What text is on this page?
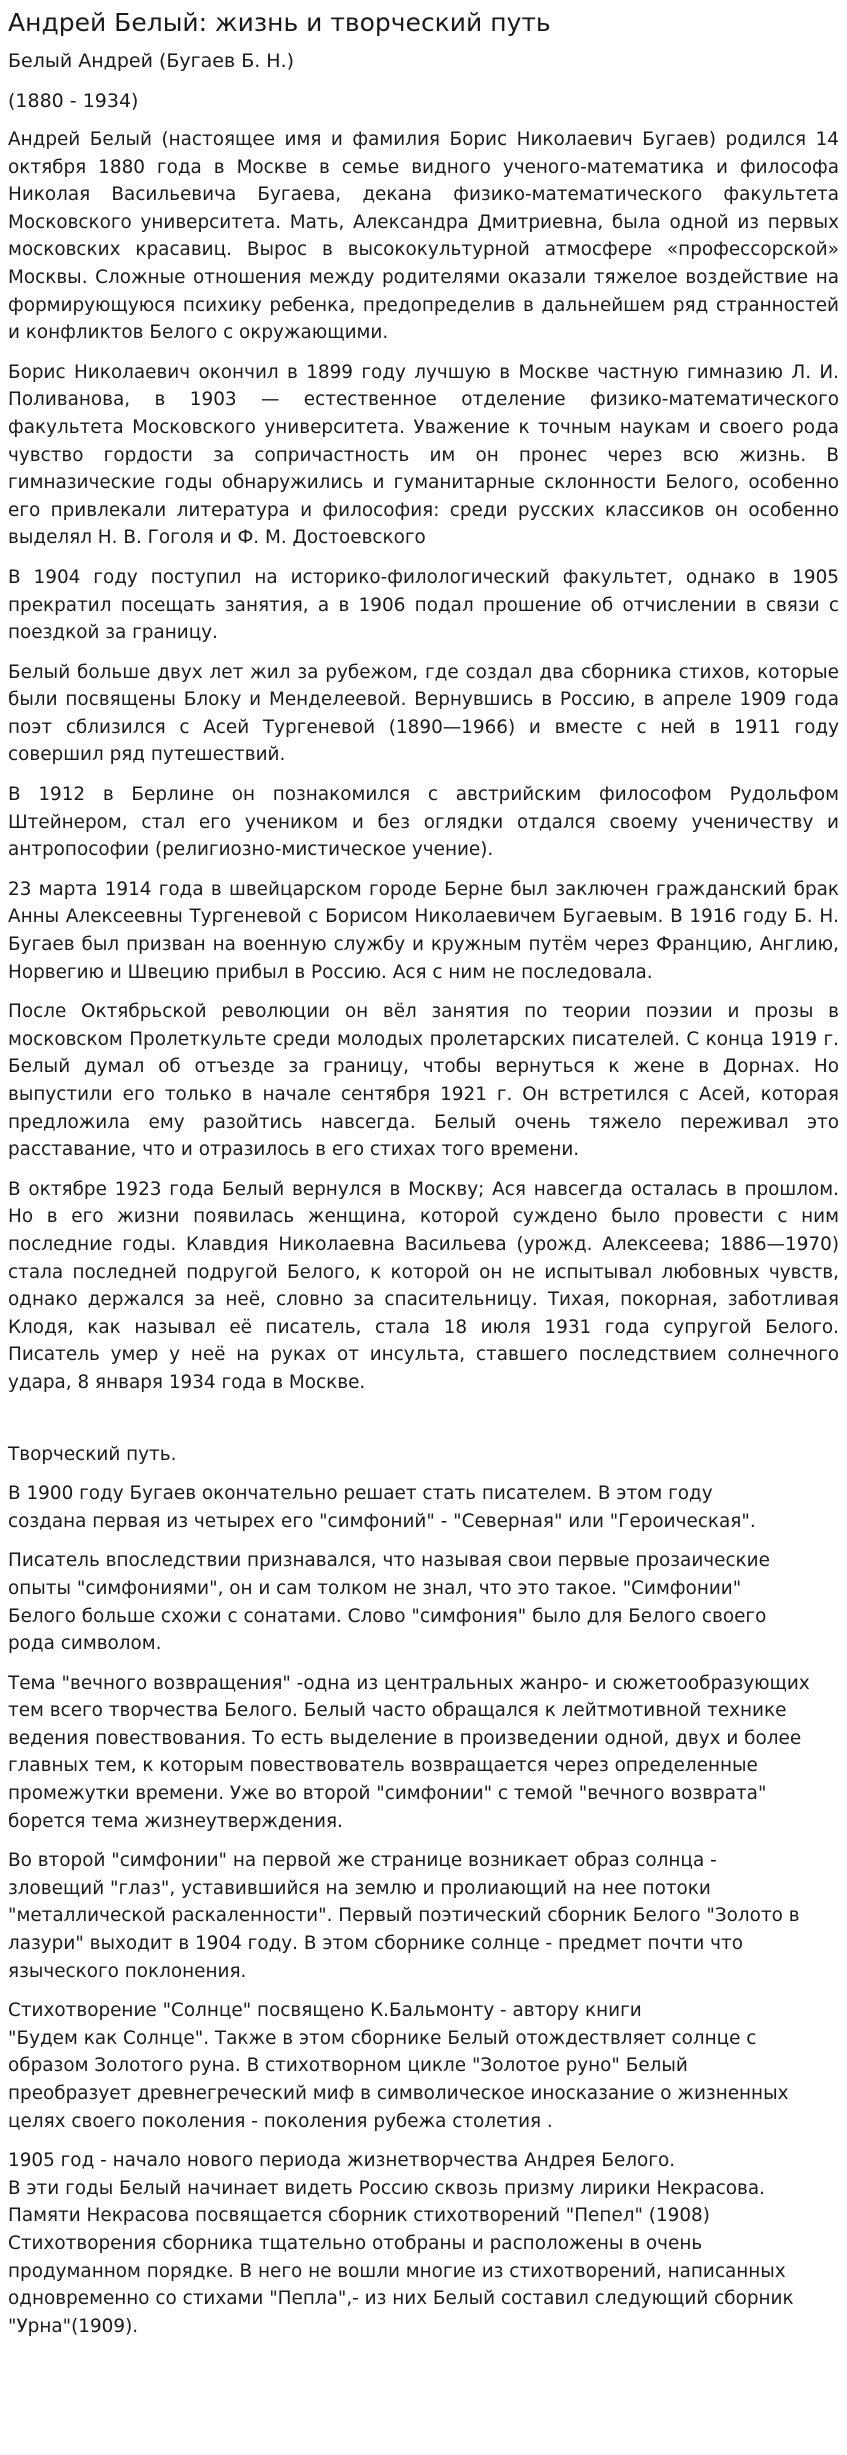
Андрей Белый: жизнь и творческий путь
Белый Андрей (Бугаев Б. Н.)
(1880 - 1934)

Андрей Белый (настоящее имя и фамилия Борис Николаевич Бугаев) родился 14 октября 1880 года в Москве в семье видного ученого-математика и философа Николая Васильевича Бугаева, декана физико-математического факультета Московского университета. Мать, Александра Дмитриевна, была одной из первых московских красавиц. Вырос в высококультурной атмосфере «профессорской» Москвы. Сложные отношения между родителями оказали тяжелое воздействие на формирующуюся психику ребенка, предопределив в дальнейшем ряд странностей и конфликтов Белого с окружающими.

Борис Николаевич окончил в 1899 году лучшую в Москве частную гимназию Л. И. Поливанова, в 1903 — естественное отделение физико-математического факультета Московского университета. Уважение к точным наукам и своего рода чувство гордости за сопричастность им он пронес через всю жизнь. В гимназические годы обнаружились и гуманитарные склонности Белого, особенно его привлекали литература и философия: среди русских классиков он особенно выделял Н. В. Гоголя и Ф. М. Достоевского

В 1904 году поступил на историко-филологический факультет, однако в 1905 прекратил посещать занятия, а в 1906 подал прошение об отчислении в связи с поездкой за границу.

Белый больше двух лет жил за рубежом, где создал два сборника стихов, которые были посвящены Блоку и Менделеевой. Вернувшись в Россию, в апреле 1909 года поэт сблизился с Асей Тургеневой (1890—1966) и вместе с ней в 1911 году совершил ряд путешествий.

В 1912 в Берлине он познакомился с австрийским философом Рудольфом Штейнером, стал его учеником и без оглядки отдался своему ученичеству и антропософии (религиозно-мистическое учение).

23 марта 1914 года в швейцарском городе Берне был заключен гражданский брак Анны Алексеевны Тургеневой с Борисом Николаевичем Бугаевым. В 1916 году Б. Н. Бугаев был призван на военную службу и кружным путём через Францию, Англию, Норвегию и Швецию прибыл в Россию. Ася с ним не последовала.

После Октябрьской революции он вёл занятия по теории поэзии и прозы в московском Пролеткульте среди молодых пролетарских писателей. С конца 1919 г. Белый думал об отъезде за границу, чтобы вернуться к жене в Дорнах. Но выпустили его только в начале сентября 1921 г. Он встретился с Асей, которая предложила ему разойтись навсегда. Белый очень тяжело переживал это расставание, что и отразилось в его стихах того времени.

В октябре 1923 года Белый вернулся в Москву; Ася навсегда осталась в прошлом. Но в его жизни появилась женщина, которой суждено было провести с ним последние годы. Клавдия Николаевна Васильева (урожд. Алексеева; 1886—1970) стала последней подругой Белого, к которой он не испытывал любовных чувств, однако держался за неё, словно за спасительницу. Тихая, покорная, заботливая Клодя, как называл её писатель, стала 18 июля 1931 года супругой Белого. Писатель умер у неё на руках от инсульта, ставшего последствием солнечного удара, 8 января 1934 года в Москве.

Творческий путь.

В 1900 году Бугаев окончательно решает стать писателем. В этом году
создана первая из четырех его "симфоний" - "Северная" или "Героическая".

Писатель впоследствии признавался, что называя свои первые прозаические
опыты "симфониями", он и сам толком не знал, что это такое. "Симфонии"
Белого больше схожи с сонатами. Слово "симфония" было для Белого своего
рода символом.

Тема "вечного возвращения" -одна из центральных жанро- и сюжетообразующих
тем всего творчества Белого. Белый часто обращался к лейтмотивной технике
ведения повествования. То есть выделение в произведении одной, двух и более
главных тем, к которым повествователь возвращается через определенные
промежутки времени. Уже во второй "симфонии" с темой "вечного возврата"
борется тема жизнеутверждения.

Во второй "симфонии" на первой же странице возникает образ солнца -
зловещий "глаз", уставившийся на землю и пролиающий на нее потоки
"металлической раскаленности". Первый поэтический сборник Белого "Золото в
лазури" выходит в 1904 году. В этом сборнике солнце - предмет почти что
языческого поклонения.

Стихотворение "Солнце" посвящено К.Бальмонту - автору книги
"Будем как Солнце". Также в этом сборнике Белый отождествляет солнце с
образом Золотого руна. В стихотворном цикле "Золотое руно" Белый
преобразует древнегреческий миф в символическое иносказание о жизненных
целях своего поколения - поколения рубежа столетия .

1905 год - начало нового периода жизнетворчества Андрея Белого.
В эти годы Белый начинает видеть Россию сквозь призму лирики Некрасова.
Памяти Некрасова посвящается сборник стихотворений "Пепел" (1908)
Стихотворения сборника тщательно отобраны и расположены в очень
продуманном порядке. В него не вошли многие из стихотворений, написанных
одновременно со стихами "Пепла",- из них Белый составил следующий сборник
"Урна"(1909).
